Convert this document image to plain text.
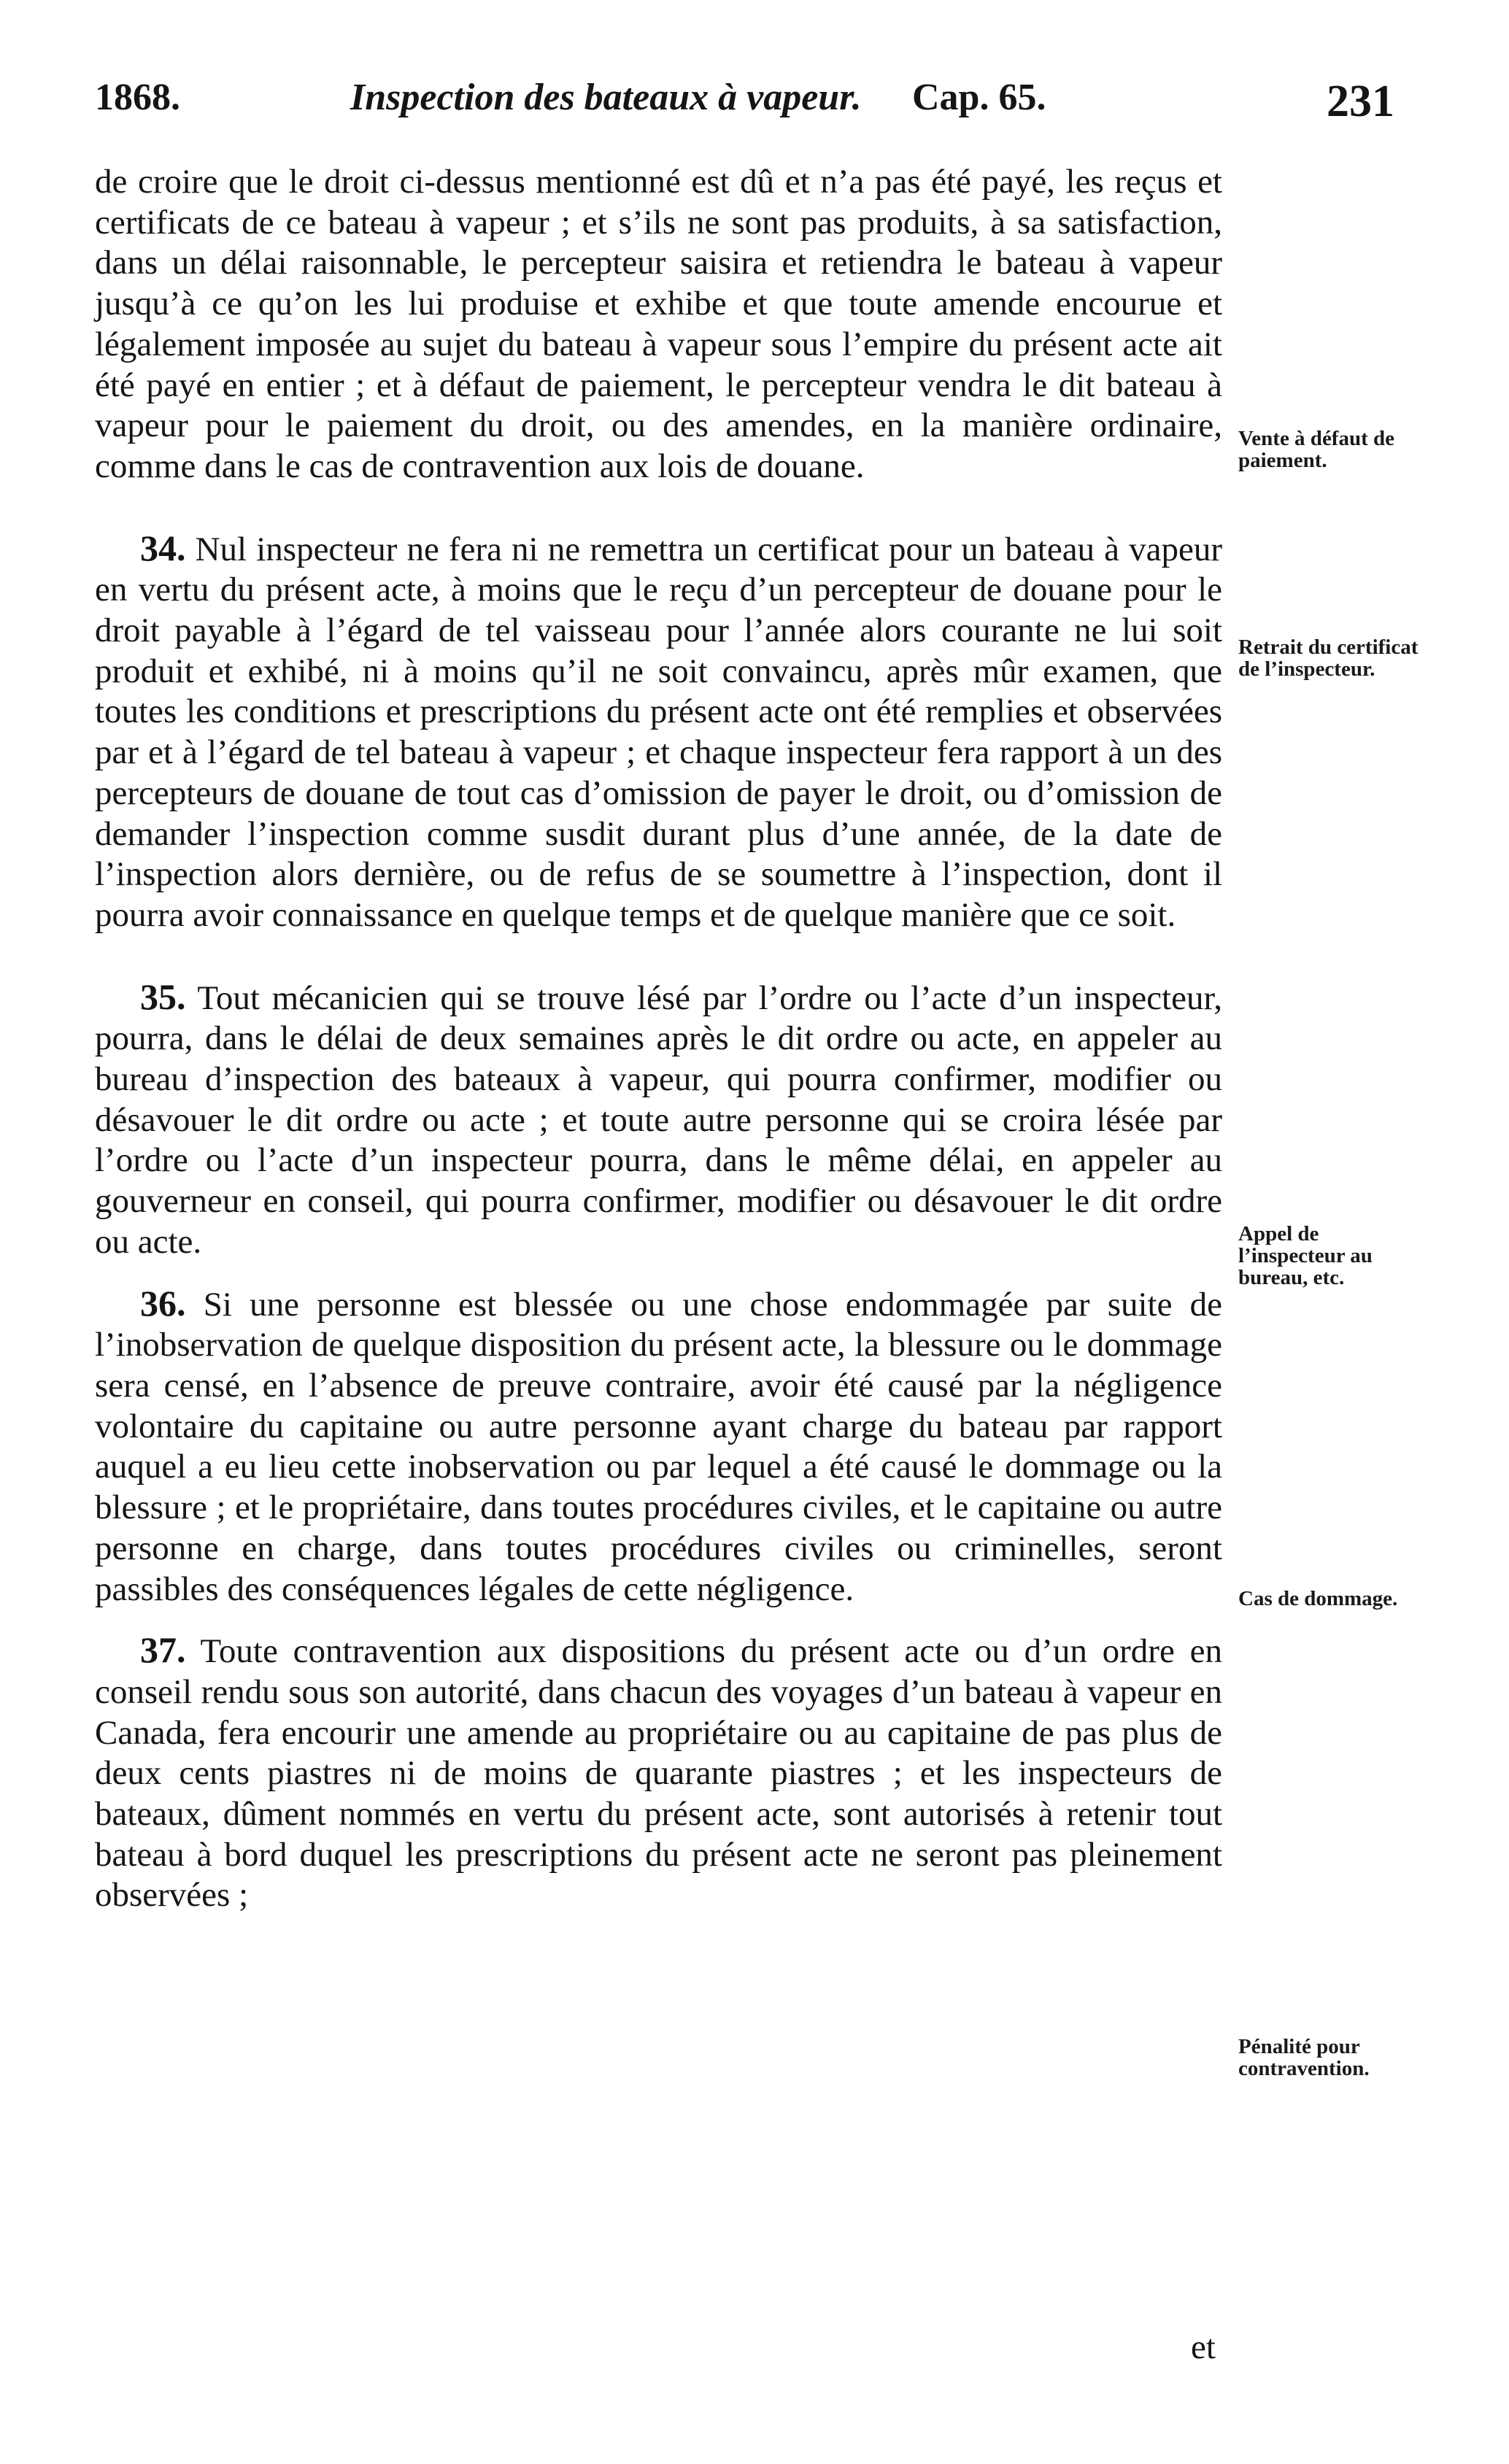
1868.	Inspection des bateaux à vapeur. Cap. 65.	231

de croire que le droit ci-dessus mentionné est dû et n’a pas été payé, les reçus et certificats de ce bateau à vapeur ; et s’ils ne sont pas produits, à sa satisfaction, dans un délai raisonnable, le percepteur saisira et retiendra le bateau à vapeur jusqu’à ce qu’on les lui produise et exhibe et que toute amende encourue et légalement imposée au sujet du bateau à vapeur sous l’empire du présent acte ait été payé en entier ; et à défaut de paiement, le percepteur vendra le dit bateau à vapeur pour le paiement du droit, ou des amendes, en la manière ordinaire, comme dans le cas de contravention aux lois de douane.

34. Nul inspecteur ne fera ni ne remettra un certificat pour un bateau à vapeur en vertu du présent acte, à moins que le reçu d’un percepteur de douane pour le droit payable à l’égard de tel vaisseau pour l’année alors courante ne lui soit produit et exhibé, ni à moins qu’il ne soit convaincu, après mûr examen, que toutes les conditions et prescriptions du présent acte ont été remplies et observées par et à l’égard de tel bateau à vapeur ; et chaque inspecteur fera rapport à un des percepteurs de douane de tout cas d’omission de payer le droit, ou d’omission de demander l’inspection comme susdit durant plus d’une année, de la date de l’inspection alors dernière, ou de refus de se soumettre à l’inspection, dont il pourra avoir connaissance en quelque temps et de quelque manière que ce soit.

35. Tout mécanicien qui se trouve lésé par l’ordre ou l’acte d’un inspecteur, pourra, dans le délai de deux semaines après le dit ordre ou acte, en appeler au bureau d’inspection des bateaux à vapeur, qui pourra confirmer, modifier ou désavouer le dit ordre ou acte ; et toute autre personne qui se croira lésée par l’ordre ou l’acte d’un inspecteur pourra, dans le même délai, en appeler au gouverneur en conseil, qui pourra confirmer, modifier ou désavouer le dit ordre ou acte.

36. Si une personne est blessée ou une chose endommagée par suite de l’inobservation de quelque disposition du présent acte, la blessure ou le dommage sera censé, en l’absence de preuve contraire, avoir été causé par la négligence volontaire du capitaine ou autre personne ayant charge du bateau par rapport auquel a eu lieu cette inobservation ou par lequel a été causé le dommage ou la blessure ; et le propriétaire, dans toutes procédures civiles, et le capitaine ou autre personne en charge, dans toutes procédures civiles ou criminelles, seront passibles des conséquences légales de cette négligence.

37. Toute contravention aux dispositions du présent acte ou d’un ordre en conseil rendu sous son autorité, dans chacun des voyages d’un bateau à vapeur en Canada, fera encourir une amende au propriétaire ou au capitaine de pas plus de deux cents piastres ni de moins de quarante piastres ; et les inspecteurs de bateaux, dûment nommés en vertu du présent acte, sont autorisés à retenir tout bateau à bord duquel les prescriptions du présent acte ne seront pas pleinement observées ;

et
Vente à défaut de paiement.
Retrait du certificat de l’inspecteur.
Appel de l’inspecteur au bureau, etc.
Cas de dommage.
Pénalité pour contravention.
